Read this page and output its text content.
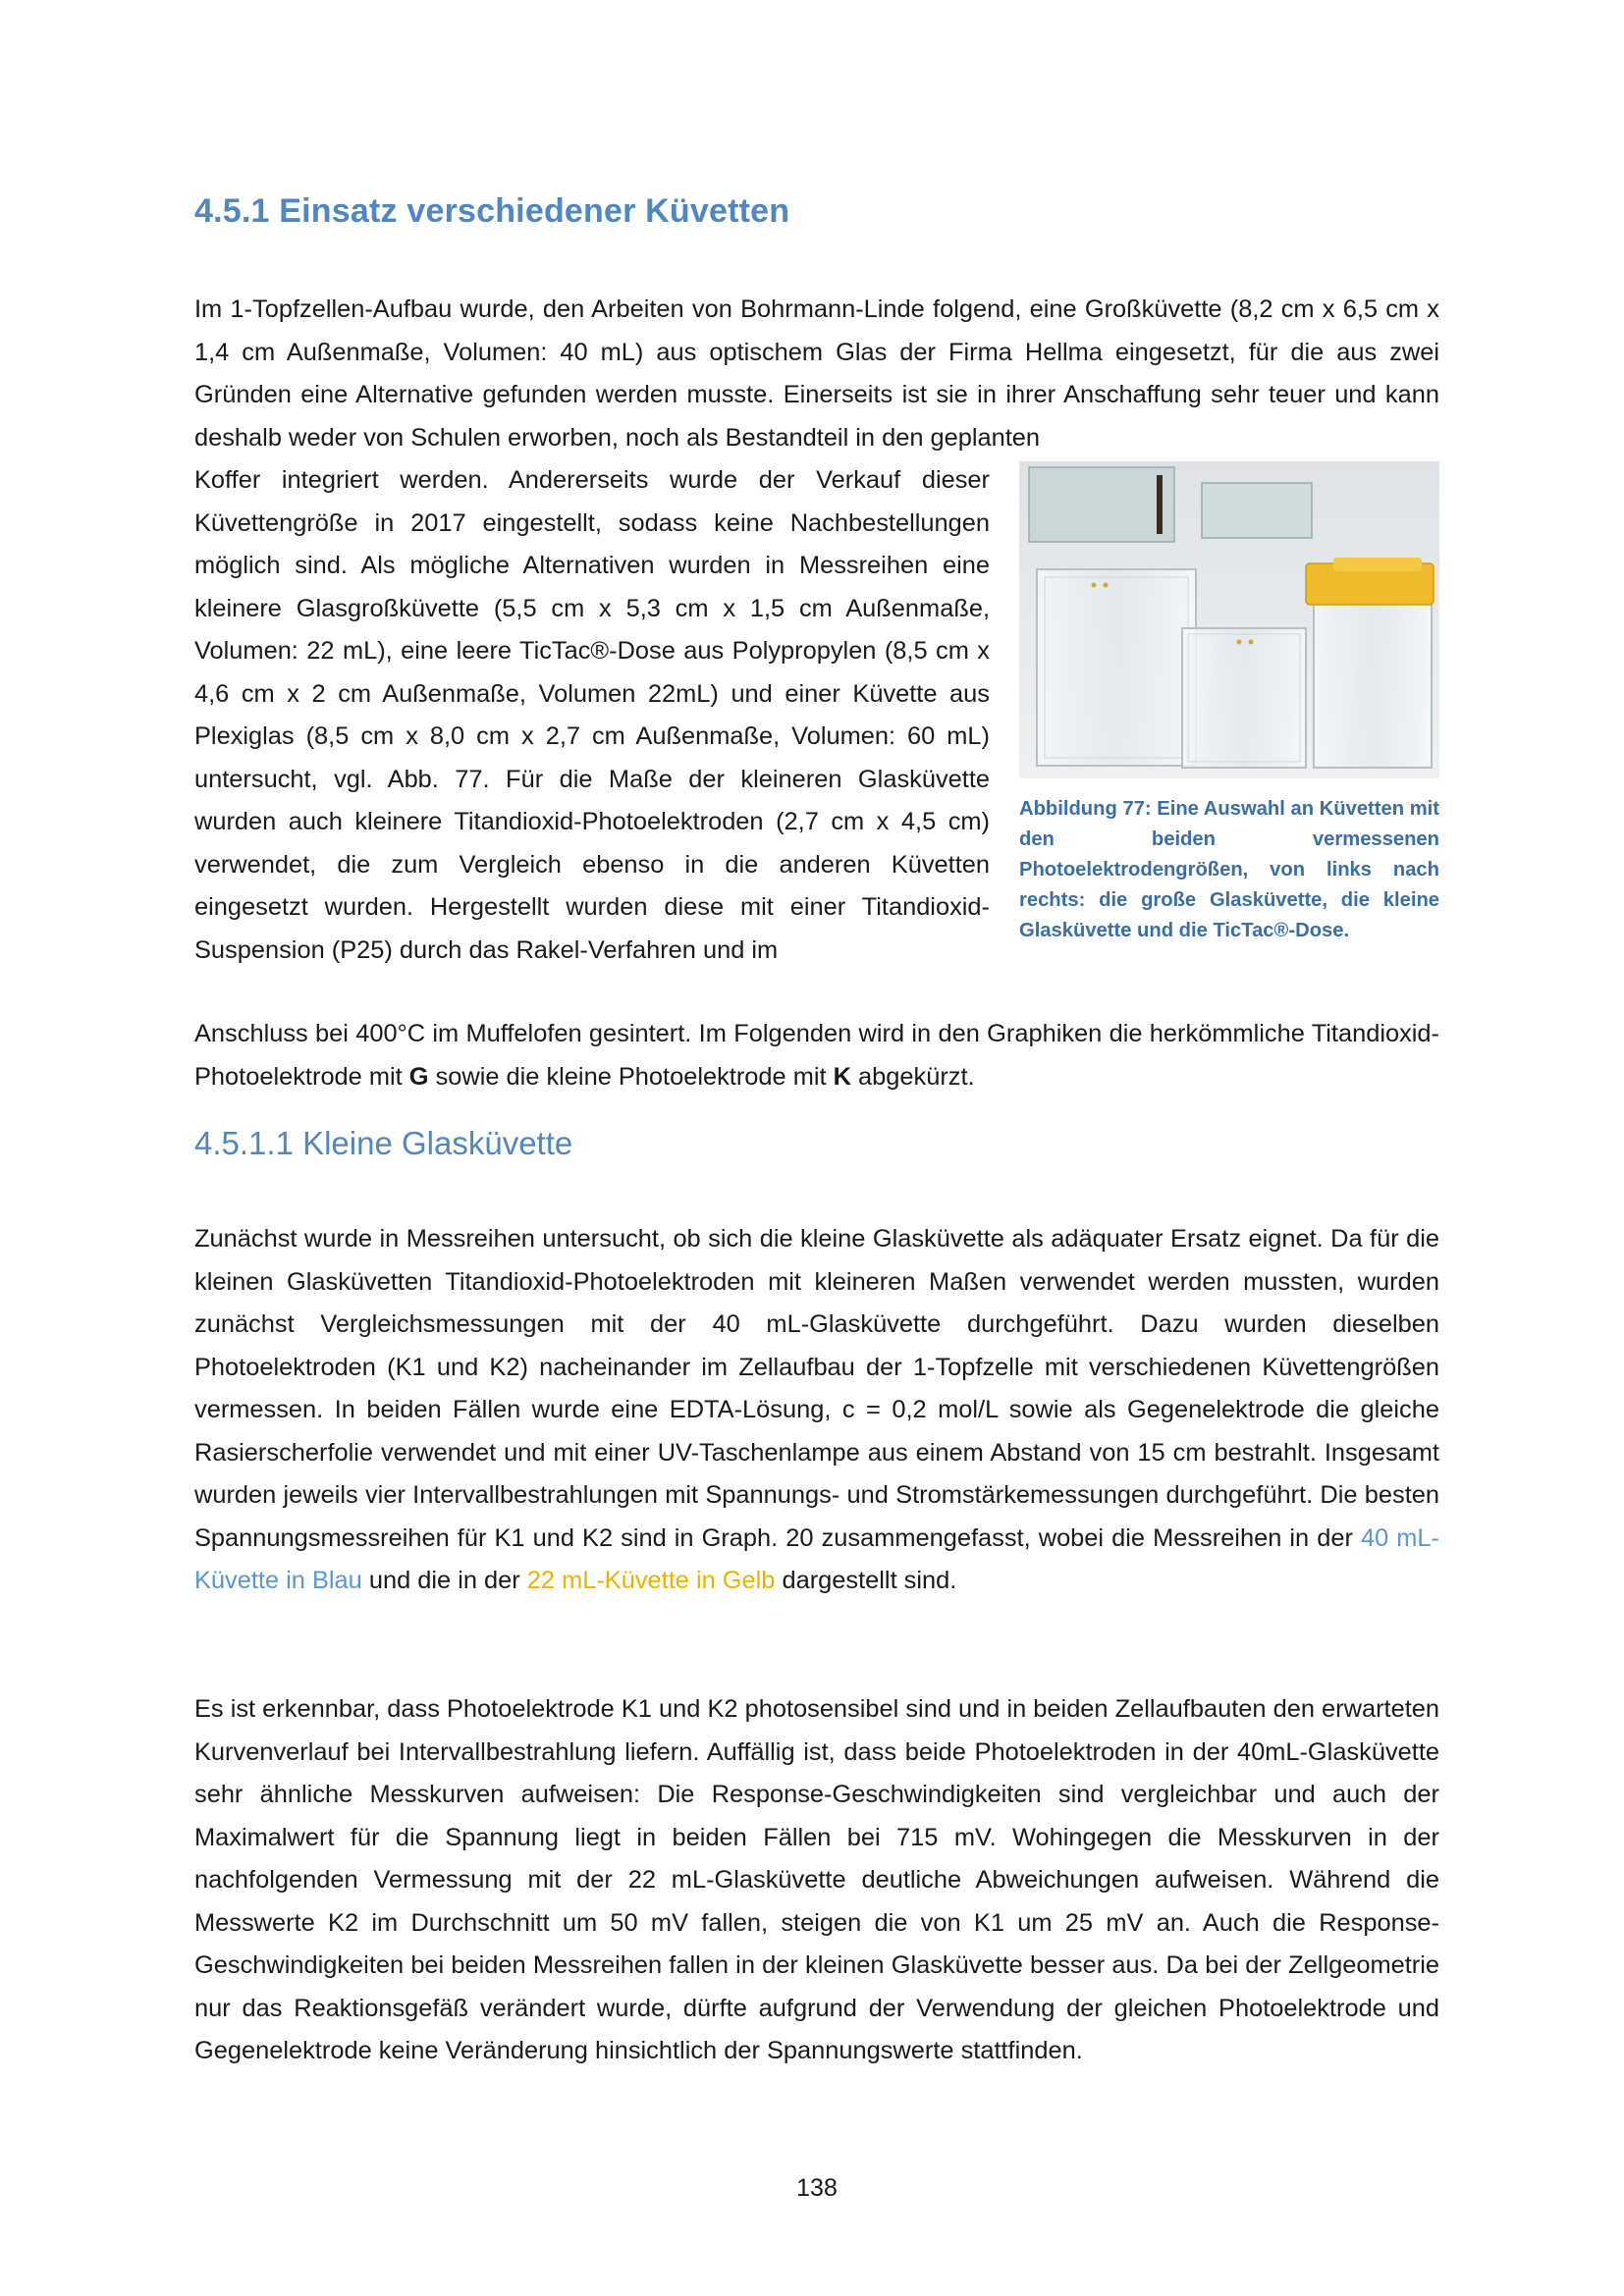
4.5.1 Einsatz verschiedener Küvetten

Im 1-Topfzellen-Aufbau wurde, den Arbeiten von Bohrmann-Linde folgend, eine Großküvette (8,2 cm x 6,5 cm x 1,4 cm Außenmaße, Volumen: 40 mL) aus optischem Glas der Firma Hellma eingesetzt, für die aus zwei Gründen eine Alternative gefunden werden musste. Einerseits ist sie in ihrer Anschaffung sehr teuer und kann deshalb weder von Schulen erworben, noch als Bestandteil in den geplanten

Koffer integriert werden. Andererseits wurde der Verkauf dieser Küvettengröße in 2017 eingestellt, sodass keine Nachbestellungen möglich sind. Als mögliche Alternativen wurden in Messreihen eine kleinere Glasgroßküvette (5,5 cm x 5,3 cm x 1,5 cm Außenmaße, Volumen: 22 mL), eine leere TicTac®-Dose aus Polypropylen (8,5 cm x 4,6 cm x 2 cm Außenmaße, Volumen 22mL) und einer Küvette aus Plexiglas (8,5 cm x 8,0 cm x 2,7 cm Außenmaße, Volumen: 60 mL) untersucht, vgl. Abb. 77. Für die Maße der kleineren Glasküvette wurden auch kleinere Titandioxid-Photoelektroden (2,7 cm x 4,5 cm) verwendet, die zum Vergleich ebenso in die anderen Küvetten eingesetzt wurden. Hergestellt wurden diese mit einer Titandioxid-Suspension (P25) durch das Rakel-Verfahren und im

Anschluss bei 400°C im Muffelofen gesintert. Im Folgenden wird in den Graphiken die herkömmliche Titandioxid-Photoelektrode mit G sowie die kleine Photoelektrode mit K abgekürzt.

Abbildung 77: Eine Auswahl an Küvetten mit den beiden vermessenen Photoelektrodengrößen, von links nach rechts: die große Glasküvette, die kleine Glasküvette und die TicTac®-Dose.
4.5.1.1 Kleine Glasküvette

Zunächst wurde in Messreihen untersucht, ob sich die kleine Glasküvette als adäquater Ersatz eignet. Da für die kleinen Glasküvetten Titandioxid-Photoelektroden mit kleineren Maßen verwendet werden mussten, wurden zunächst Vergleichsmessungen mit der 40 mL-Glasküvette durchgeführt. Dazu wurden dieselben Photoelektroden (K1 und K2) nacheinander im Zellaufbau der 1-Topfzelle mit verschiedenen Küvettengrößen vermessen. In beiden Fällen wurde eine EDTA-Lösung, c = 0,2 mol/L sowie als Gegenelektrode die gleiche Rasierscherfolie verwendet und mit einer UV-Taschenlampe aus einem Abstand von 15 cm bestrahlt. Insgesamt wurden jeweils vier Intervallbestrahlungen mit Spannungs- und Stromstärkemessungen durchgeführt. Die besten Spannungsmessreihen für K1 und K2 sind in Graph. 20 zusammengefasst, wobei die Messreihen in der 40 mL-Küvette in Blau und die in der 22 mL-Küvette in Gelb dargestellt sind.

Es ist erkennbar, dass Photoelektrode K1 und K2 photosensibel sind und in beiden Zellaufbauten den erwarteten Kurvenverlauf bei Intervallbestrahlung liefern. Auffällig ist, dass beide Photoelektroden in der 40mL-Glasküvette sehr ähnliche Messkurven aufweisen: Die Response-Geschwindigkeiten sind vergleichbar und auch der Maximalwert für die Spannung liegt in beiden Fällen bei 715 mV. Wohingegen die Messkurven in der nachfolgenden Vermessung mit der 22 mL-Glasküvette deutliche Abweichungen aufweisen. Während die Messwerte K2 im Durchschnitt um 50 mV fallen, steigen die von K1 um 25 mV an. Auch die Response-Geschwindigkeiten bei beiden Messreihen fallen in der kleinen Glasküvette besser aus. Da bei der Zellgeometrie nur das Reaktionsgefäß verändert wurde, dürfte aufgrund der Verwendung der gleichen Photoelektrode und Gegenelektrode keine Veränderung hinsichtlich der Spannungswerte stattfinden.

138
